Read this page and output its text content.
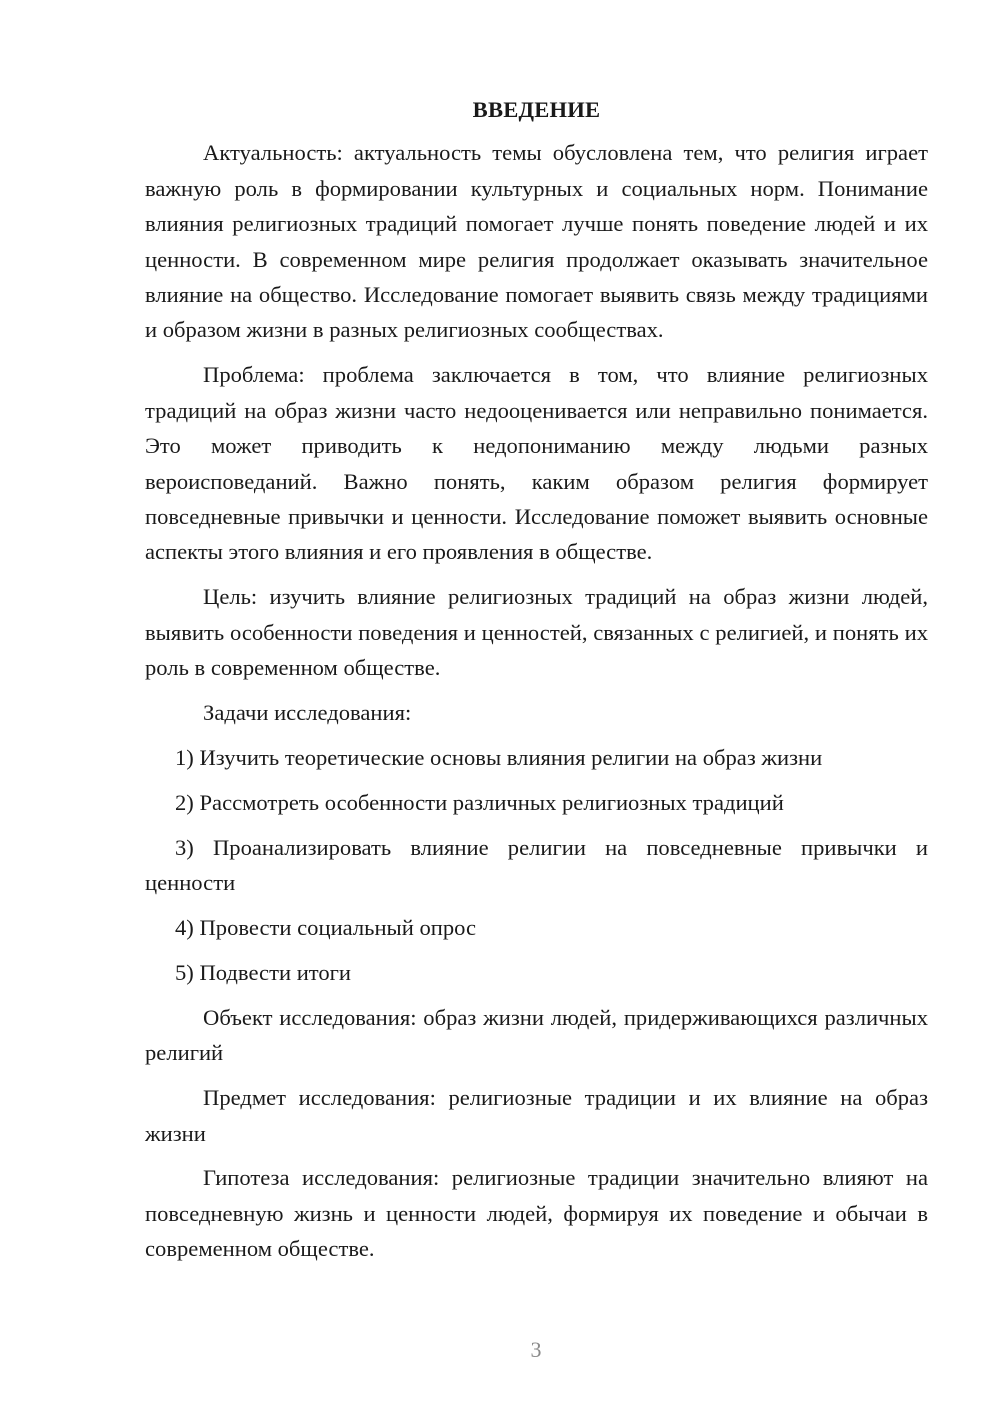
ВВЕДЕНИЕ

Актуальность: актуальность темы обусловлена тем, что религия играет важную роль в формировании культурных и социальных норм. Понимание влияния религиозных традиций помогает лучше понять поведение людей и их ценности. В современном мире религия продолжает оказывать значительное влияние на общество. Исследование помогает выявить связь между традициями и образом жизни в разных религиозных сообществах.

Проблема: проблема заключается в том, что влияние религиозных традиций на образ жизни часто недооценивается или неправильно понимается. Это может приводить к недопониманию между людьми разных вероисповеданий. Важно понять, каким образом религия формирует повседневные привычки и ценности. Исследование поможет выявить основные аспекты этого влияния и его проявления в обществе.

Цель: изучить влияние религиозных традиций на образ жизни людей, выявить особенности поведения и ценностей, связанных с религией, и понять их роль в современном обществе.

Задачи исследования:

1) Изучить теоретические основы влияния религии на образ жизни

2) Рассмотреть особенности различных религиозных традиций

3) Проанализировать влияние религии на повседневные привычки и ценности

4) Провести социальный опрос

5) Подвести итоги

Объект исследования: образ жизни людей, придерживающихся различных религий

Предмет исследования: религиозные традиции и их влияние на образ жизни

Гипотеза исследования: религиозные традиции значительно влияют на повседневную жизнь и ценности людей, формируя их поведение и обычаи в современном обществе.

3
